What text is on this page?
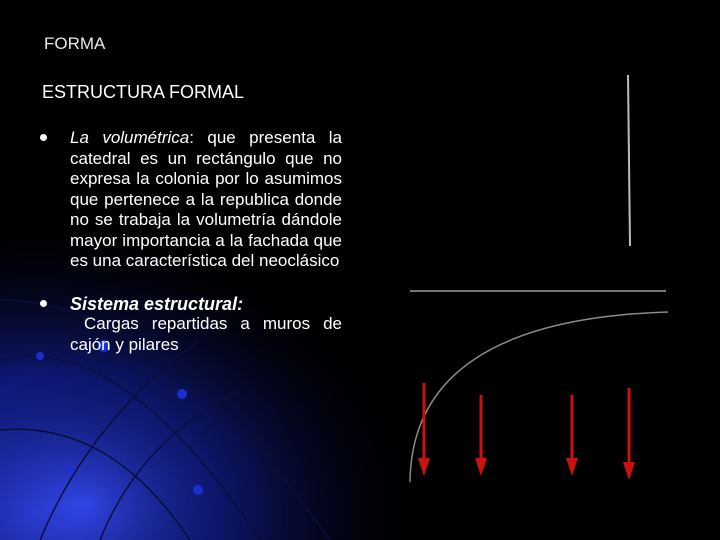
FORMA
ESTRUCTURA FORMAL
La volumétrica: que presenta la catedral es un rectángulo que no expresa la colonia por lo asumimos que pertenece a la republica donde no se trabaja la volumetría dándole mayor importancia a la fachada que es una característica del neoclásico
Sistema estructural:
Cargas repartidas a muros de cajón y pilares
